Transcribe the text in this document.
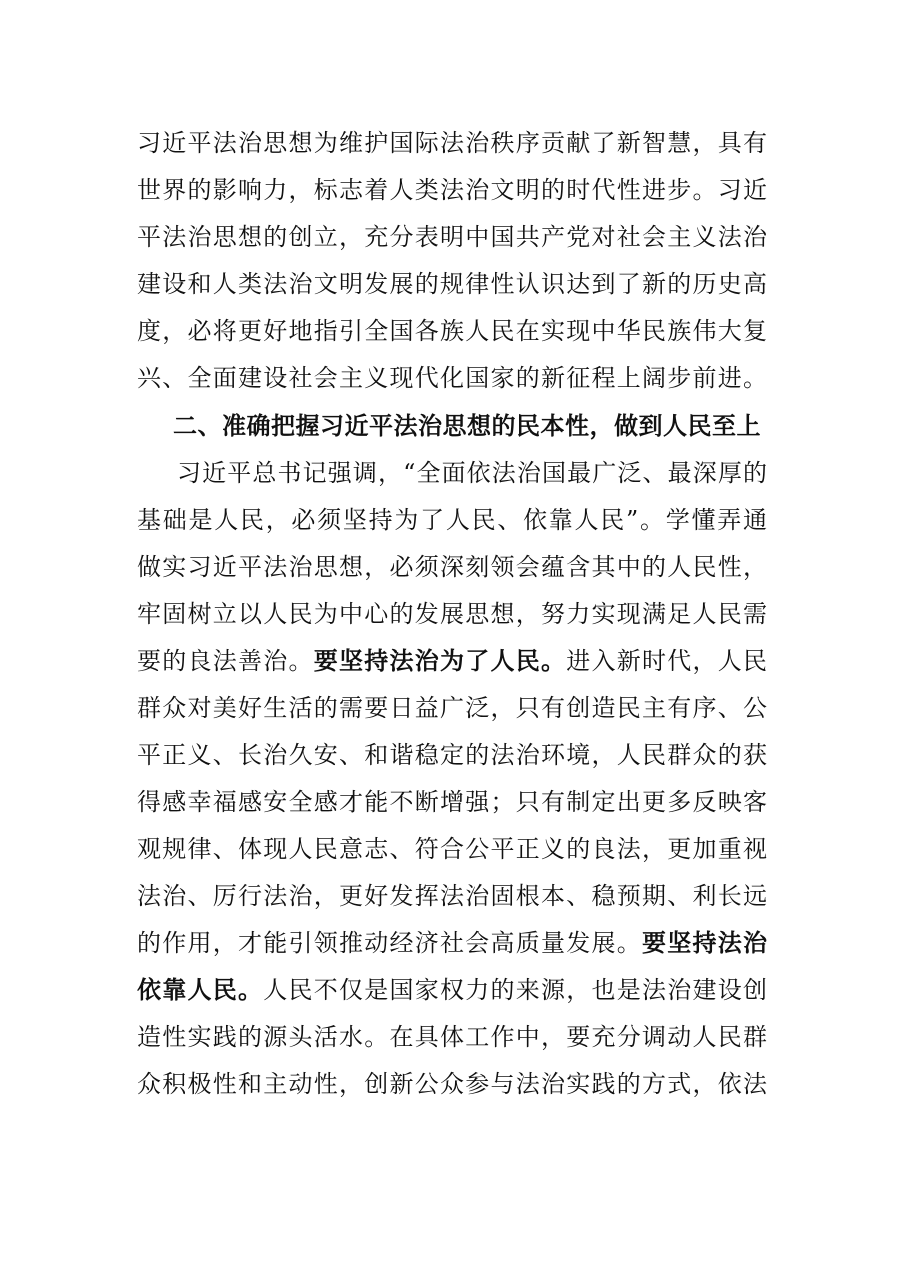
习近平法治思想为维护国际法治秩序贡献了新智慧，具有
世界的影响力，标志着人类法治文明的时代性进步。习近
平法治思想的创立，充分表明中国共产党对社会主义法治
建设和人类法治文明发展的规律性认识达到了新的历史高
度，必将更好地指引全国各族人民在实现中华民族伟大复
兴、全面建设社会主义现代化国家的新征程上阔步前进。
二、准确把握习近平法治思想的民本性，做到人民至上
习近平总书记强调，“全面依法治国最广泛、最深厚的
基础是人民，必须坚持为了人民、依靠人民”。学懂弄通
做实习近平法治思想，必须深刻领会蕴含其中的人民性，
牢固树立以人民为中心的发展思想，努力实现满足人民需
要的良法善治。要坚持法治为了人民。进入新时代，人民
群众对美好生活的需要日益广泛，只有创造民主有序、公
平正义、长治久安、和谐稳定的法治环境，人民群众的获
得感幸福感安全感才能不断增强；只有制定出更多反映客
观规律、体现人民意志、符合公平正义的良法，更加重视
法治、厉行法治，更好发挥法治固根本、稳预期、利长远
的作用，才能引领推动经济社会高质量发展。要坚持法治
依靠人民。人民不仅是国家权力的来源，也是法治建设创
造性实践的源头活水。在具体工作中，要充分调动人民群
众积极性和主动性，创新公众参与法治实践的方式，依法
